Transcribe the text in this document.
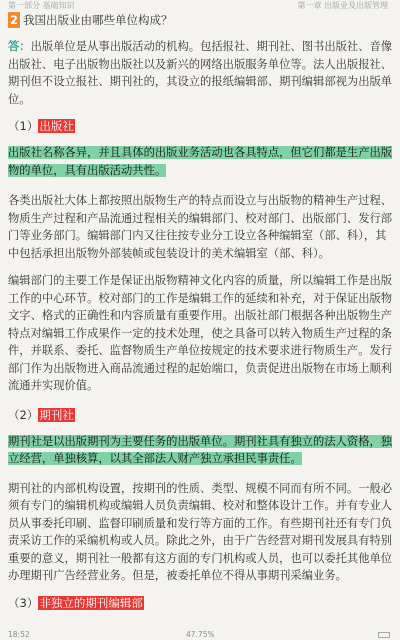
第一部分 基础知识	第一章 出版业及出版管理
2 我国出版业由哪些单位构成？

答：出版单位是从事出版活动的机构。包括报社、期刊社、图书出版社、音像出版社、电子出版物出版社以及新兴的网络出版服务单位等。法人出版报社、期刊但不设立报社、期刊社的，其设立的报纸编辑部、期刊编辑部视为出版单位。

（1）出版社

出版社名称各异，并且具体的出版业务活动也各具特点，但它们都是生产出版物的单位，具有出版活动共性。

各类出版社大体上都按照出版物生产的特点而设立与出版物的精神生产过程、物质生产过程和产品流通过程相关的编辑部门、校对部门、出版部门、发行部门等业务部门。编辑部门内又往往按专业分工设立各种编辑室（部、科），其中包括承担出版物外部装帧或包装设计的美术编辑室（部、科）。

编辑部门的主要工作是保证出版物精神文化内容的质量，所以编辑工作是出版工作的中心环节。校对部门的工作是编辑工作的延续和补充，对于保证出版物文字、格式的正确性和内容质量有重要作用。出版社部门根据各种出版物生产特点对编辑工作成果作一定的技术处理，使之具备可以转入物质生产过程的条件，并联系、委托、监督物质生产单位按规定的技术要求进行物质生产。发行部门作为出版物进入商品流通过程的起始端口，负责促进出版物在市场上顺利流通并实现价值。

（2）期刊社

期刊社是以出版期刊为主要任务的出版单位。期刊社具有独立的法人资格，独立经营，单独核算，以其全部法人财产独立承担民事责任。

期刊社的内部机构设置，按期刊的性质、类型、规模不同而有所不同。一般必须有专门的编辑机构或编辑人员负责编辑、校对和整体设计工作。并有专业人员从事委托印刷、监督印刷质量和发行等方面的工作。有些期刊社还有专门负责采访工作的采编机构或人员。除此之外，由于广告经营对期刊发展具有特别重要的意义，期刊社一般都有这方面的专门机构或人员，也可以委托其他单位办理期刊广告经营业务。但是，被委托单位不得从事期刊采编业务。

（3）非独立的期刊编辑部
18:52	47.75%
